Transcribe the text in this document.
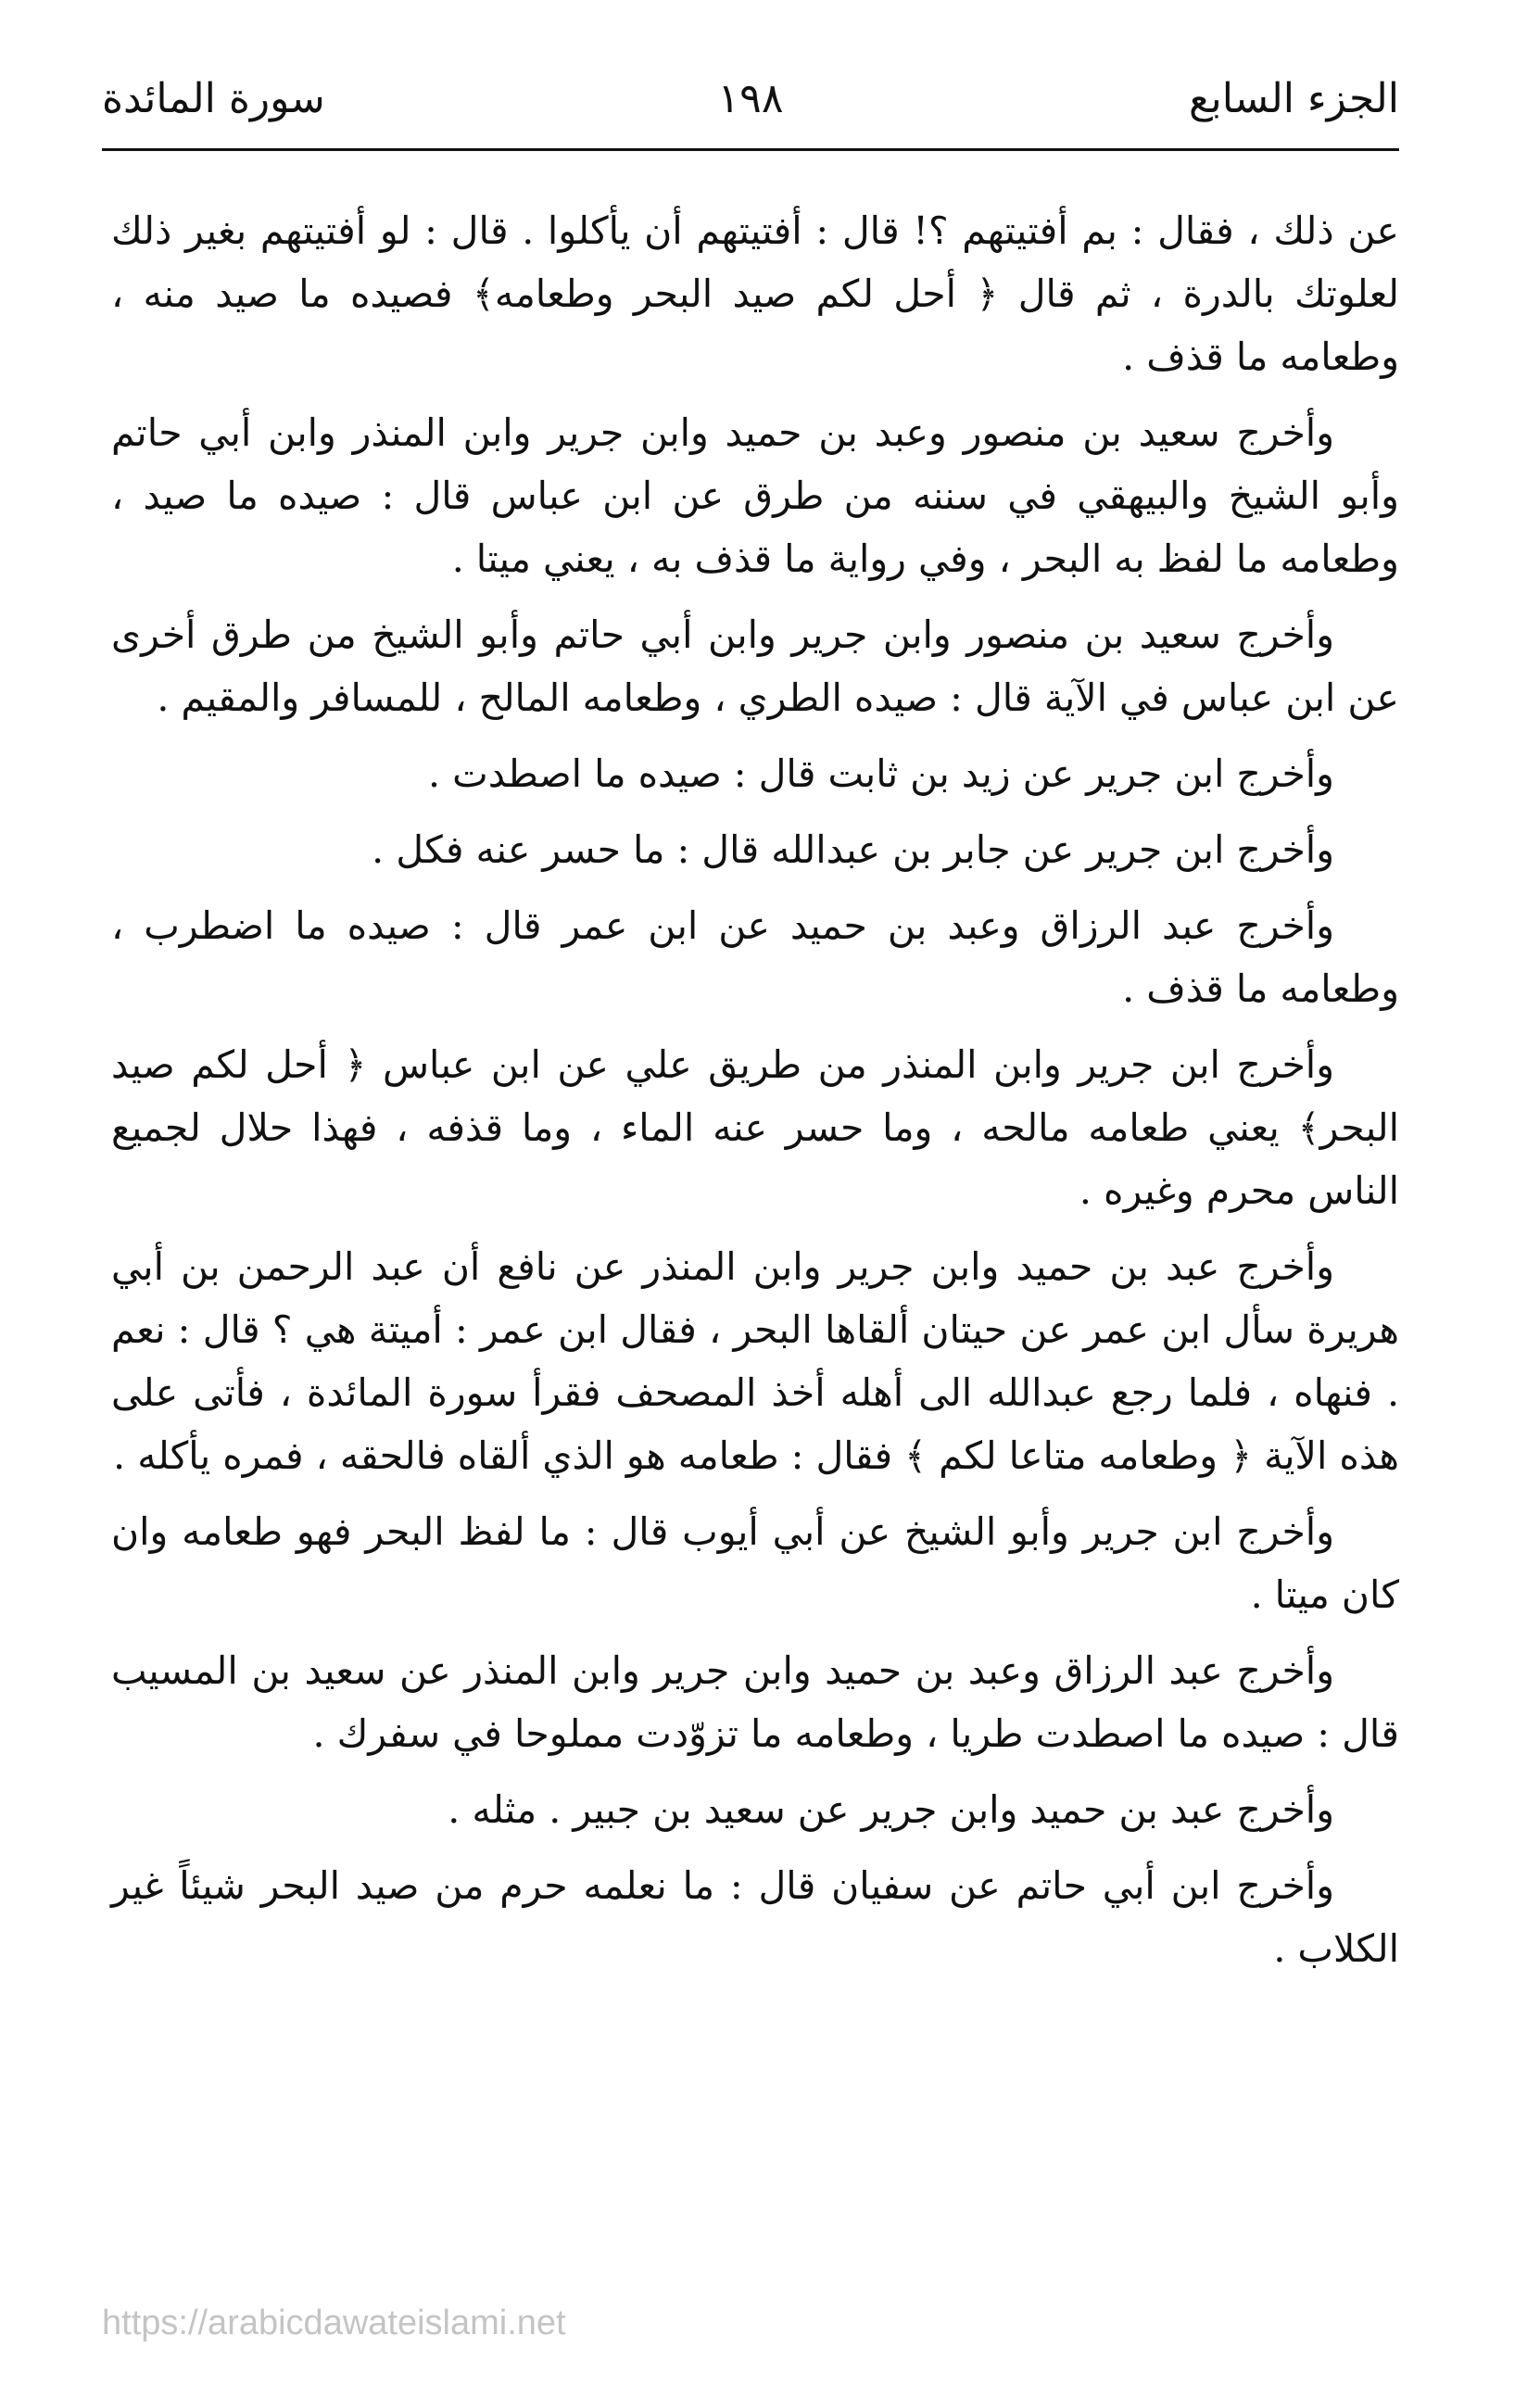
الجزء السابع
١٩٨
سورة المائدة

عن ذلك ، فقال : بم أفتيتهم ؟! قال : أفتيتهم أن يأكلوا . قال : لو أفتيتهم بغير ذلك لعلوتك بالدرة ، ثم قال ﴿ أحل لكم صيد البحر وطعامه﴾ فصيده ما صيد منه ، وطعامه ما قذف .

وأخرج سعيد بن منصور وعبد بن حميد وابن جرير وابن المنذر وابن أبي حاتم وأبو الشيخ والبيهقي في سننه من طرق عن ابن عباس قال : صيده ما صيد ، وطعامه ما لفظ به البحر ، وفي رواية ما قذف به ، يعني ميتا .

وأخرج سعيد بن منصور وابن جرير وابن أبي حاتم وأبو الشيخ من طرق أخرى عن ابن عباس في الآية قال : صيده الطري ، وطعامه المالح ، للمسافر والمقيم .

وأخرج ابن جرير عن زيد بن ثابت قال : صيده ما اصطدت .

وأخرج ابن جرير عن جابر بن عبدالله قال : ما حسر عنه فكل .

وأخرج عبد الرزاق وعبد بن حميد عن ابن عمر قال : صيده ما اضطرب ، وطعامه ما قذف .

وأخرج ابن جرير وابن المنذر من طريق علي عن ابن عباس ﴿ أحل لكم صيد البحر﴾ يعني طعامه مالحه ، وما حسر عنه الماء ، وما قذفه ، فهذا حلال لجميع الناس محرم وغيره .

وأخرج عبد بن حميد وابن جرير وابن المنذر عن نافع أن عبد الرحمن بن أبي هريرة سأل ابن عمر عن حيتان ألقاها البحر ، فقال ابن عمر : أميتة هي ؟ قال : نعم . فنهاه ، فلما رجع عبدالله الى أهله أخذ المصحف فقرأ سورة المائدة ، فأتى على هذه الآية ﴿ وطعامه متاعا لكم ﴾ فقال : طعامه هو الذي ألقاه فالحقه ، فمره يأكله .

وأخرج ابن جرير وأبو الشيخ عن أبي أيوب قال : ما لفظ البحر فهو طعامه وان كان ميتا .

وأخرج عبد الرزاق وعبد بن حميد وابن جرير وابن المنذر عن سعيد بن المسيب قال : صيده ما اصطدت طريا ، وطعامه ما تزوّدت مملوحا في سفرك .

وأخرج عبد بن حميد وابن جرير عن سعيد بن جبير . مثله .

وأخرج ابن أبي حاتم عن سفيان قال : ما نعلمه حرم من صيد البحر شيئاً غير الكلاب .

https://arabicdawateislami.net
